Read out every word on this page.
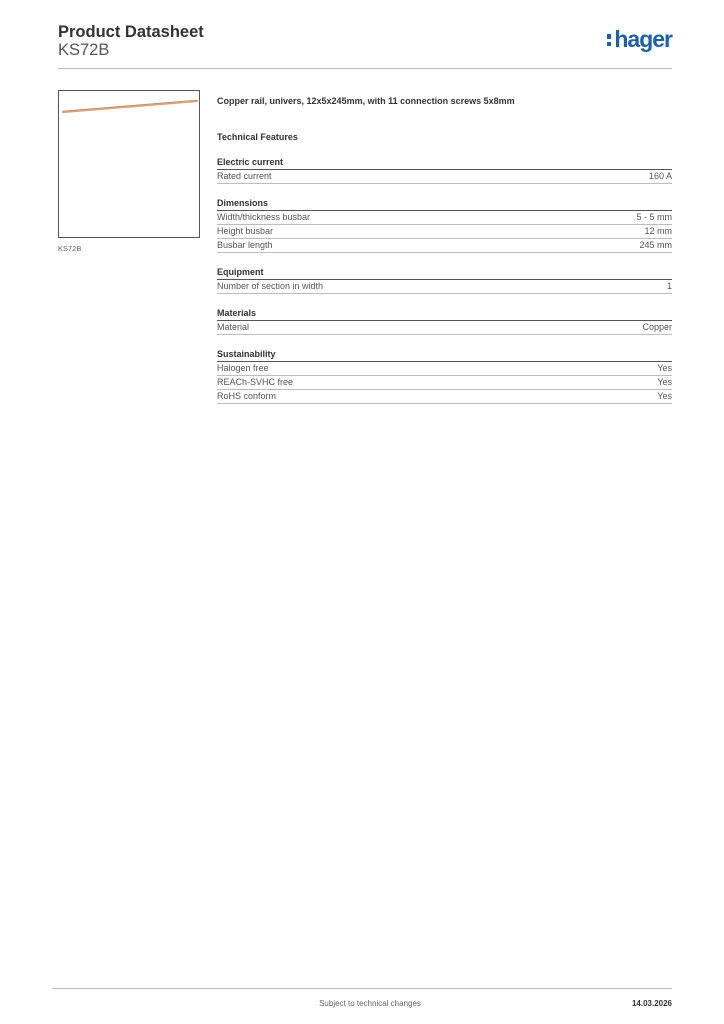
Product Datasheet
KS72B	hager
KS72B
Copper rail, univers, 12x5x245mm, with 11 connection screws 5x8mm
Technical Features
Electric current
Rated current	160 A
Dimensions
Width/thickness busbar	5 - 5 mm
Height busbar	12 mm
Busbar length	245 mm
Equipment
Number of section in width	1
Materials
Material	Copper
Sustainability
Halogen free	Yes
REACh-SVHC free	Yes
RoHS conform	Yes
Subject to technical changes	14.03.2026
